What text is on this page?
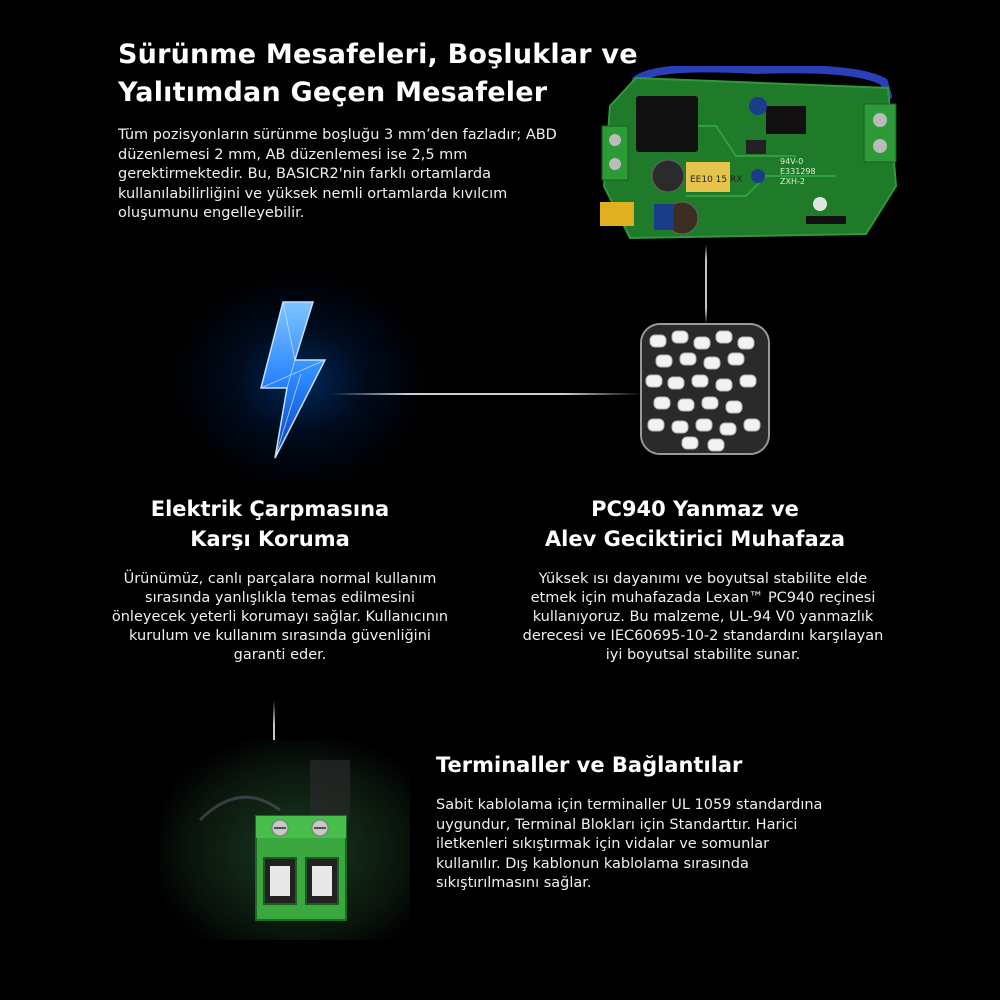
Sürünme Mesafeleri, Boşluklar ve
Yalıtımdan Geçen Mesafeler
Tüm pozisyonların sürünme boşluğu 3 mm’den fazladır; ABD düzenlemesi 2 mm, AB düzenlemesi ise 2,5 mm gerektirmektedir. Bu, BASICR2'nin farklı ortamlarda kullanılabilirliğini ve yüksek nemli ortamlarda kıvılcım oluşumunu engelleyebilir.
EE10 15 RX
94V-0
E331298
ZXH-2
Elektrik Çarpmasına
Karşı Koruma
Ürünümüz, canlı parçalara normal kullanım sırasında yanlışlıkla temas edilmesini önleyecek yeterli korumayı sağlar. Kullanıcının kurulum ve kullanım sırasında güvenliğini garanti eder.
PC940 Yanmaz ve
Alev Geciktirici Muhafaza
Yüksek ısı dayanımı ve boyutsal stabilite elde etmek için muhafazada Lexan™ PC940 reçinesi kullanıyoruz. Bu malzeme, UL-94 V0 yanmazlık derecesi ve IEC60695-10-2 standardını karşılayan iyi boyutsal stabilite sunar.
Terminaller ve Bağlantılar
Sabit kablolama için terminaller UL 1059 standardına uygundur, Terminal Blokları için Standarttır. Harici iletkenleri sıkıştırmak için vidalar ve somunlar kullanılır. Dış kablonun kablolama sırasında sıkıştırılmasını sağlar.
